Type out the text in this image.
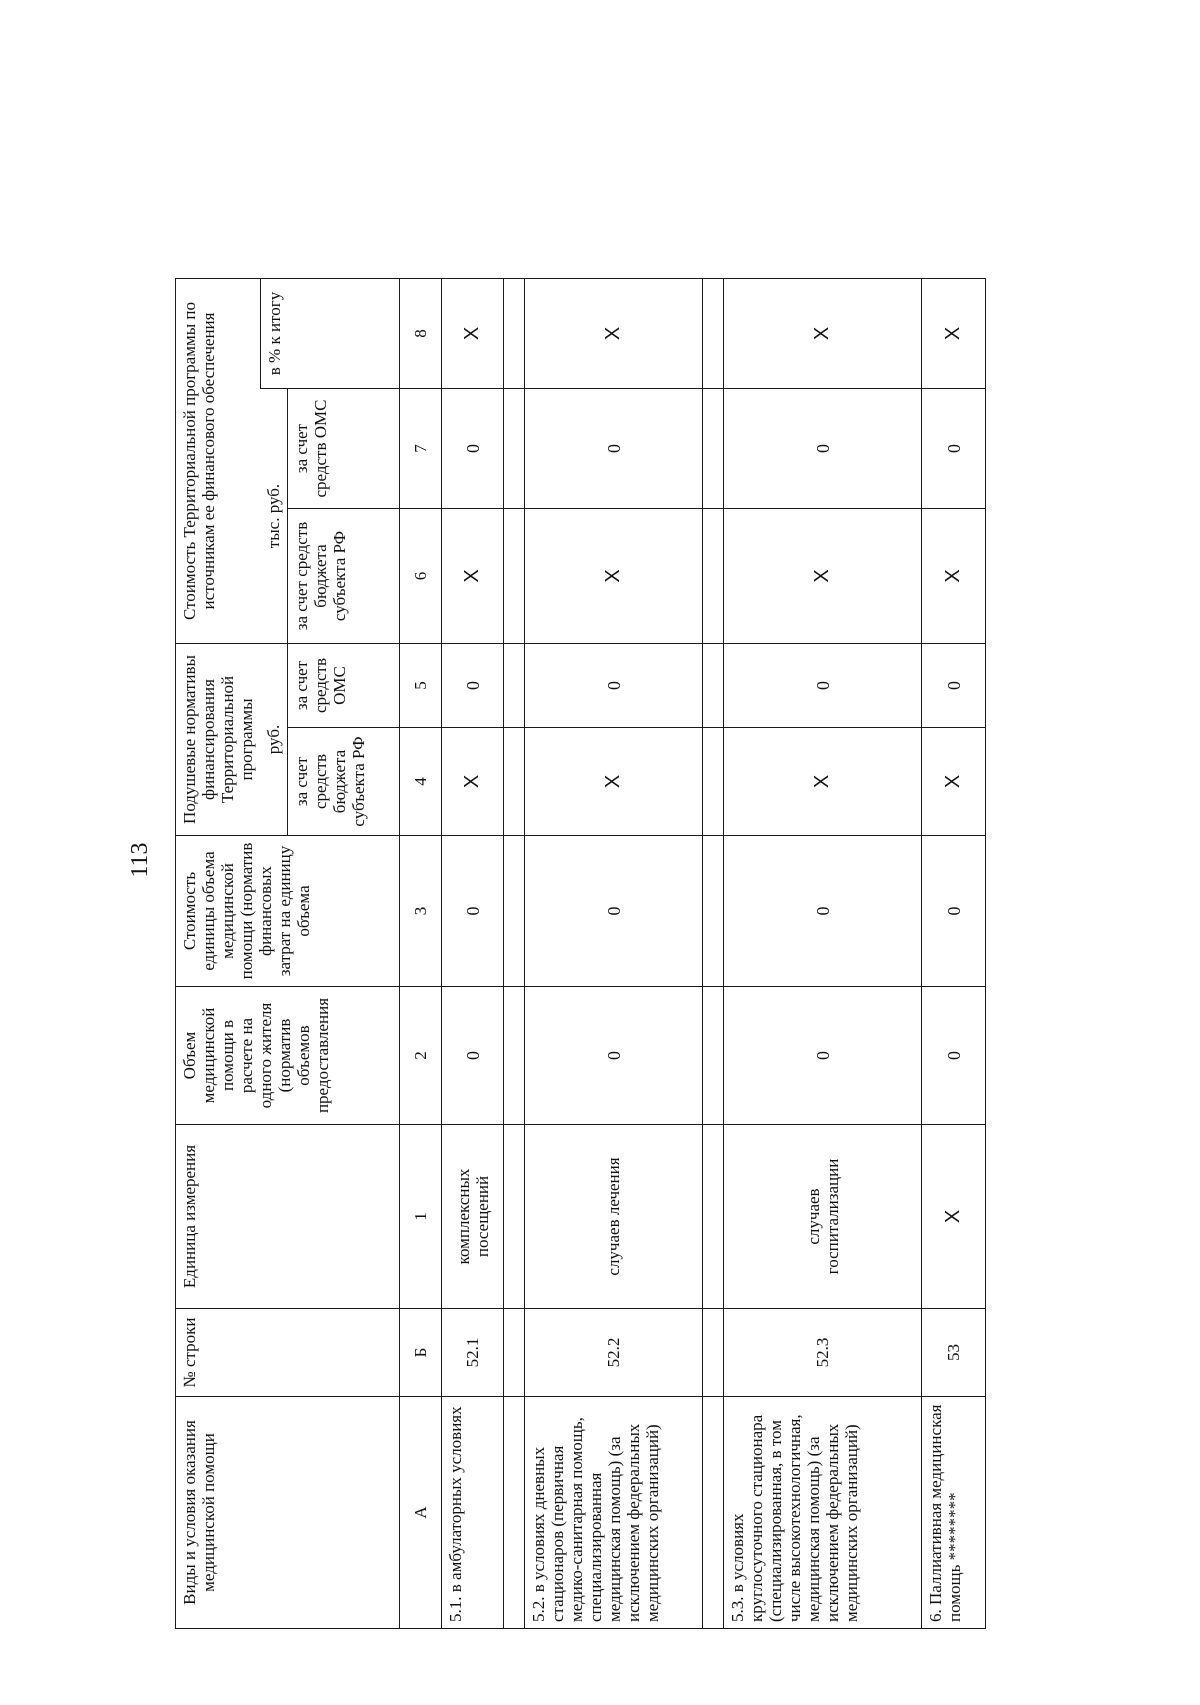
113
Виды и условия оказания медицинской помощи	№ строки	Единица измерения	Объем медицинской помощи в расчете на одного жителя (норматив объемов предоставления	Стоимость единицы объема медицинской помощи (норматив финансовых затрат на единицу объема	Подушевые нормативы финансирования Территориальной программы		Стоимость Территориальной программы по источникам ее финансового обеспечения		
					руб.		тыс. руб.		в % к итогу
					за счет средств бюджета субъекта РФ	за счет средств ОМС	за счет средств бюджета субъекта РФ	за счет средств ОМС	
А	Б	1	2	3	4	5	6	7	8
5.1. в амбулаторных условиях	52.1	комплексных посещений	0	0	Х	0	Х	0	Х

5.2. в условиях дневных стационаров (первичная медико-санитарная помощь, специализированная медицинская помощь) (за исключением федеральных медицинских организаций)	52.2	случаев лечения	0	0	Х	0	Х	0	Х

5.3. в условиях круглосуточного стационара (специализированная, в том числе высокотехнологичная, медицинская помощь) (за исключением федеральных медицинских организаций)	52.3	случаев госпитализации	0	0	Х	0	Х	0	Х
6. Паллиативная медицинская помощь ********	53	Х	0	0	Х	0	Х	0	Х
